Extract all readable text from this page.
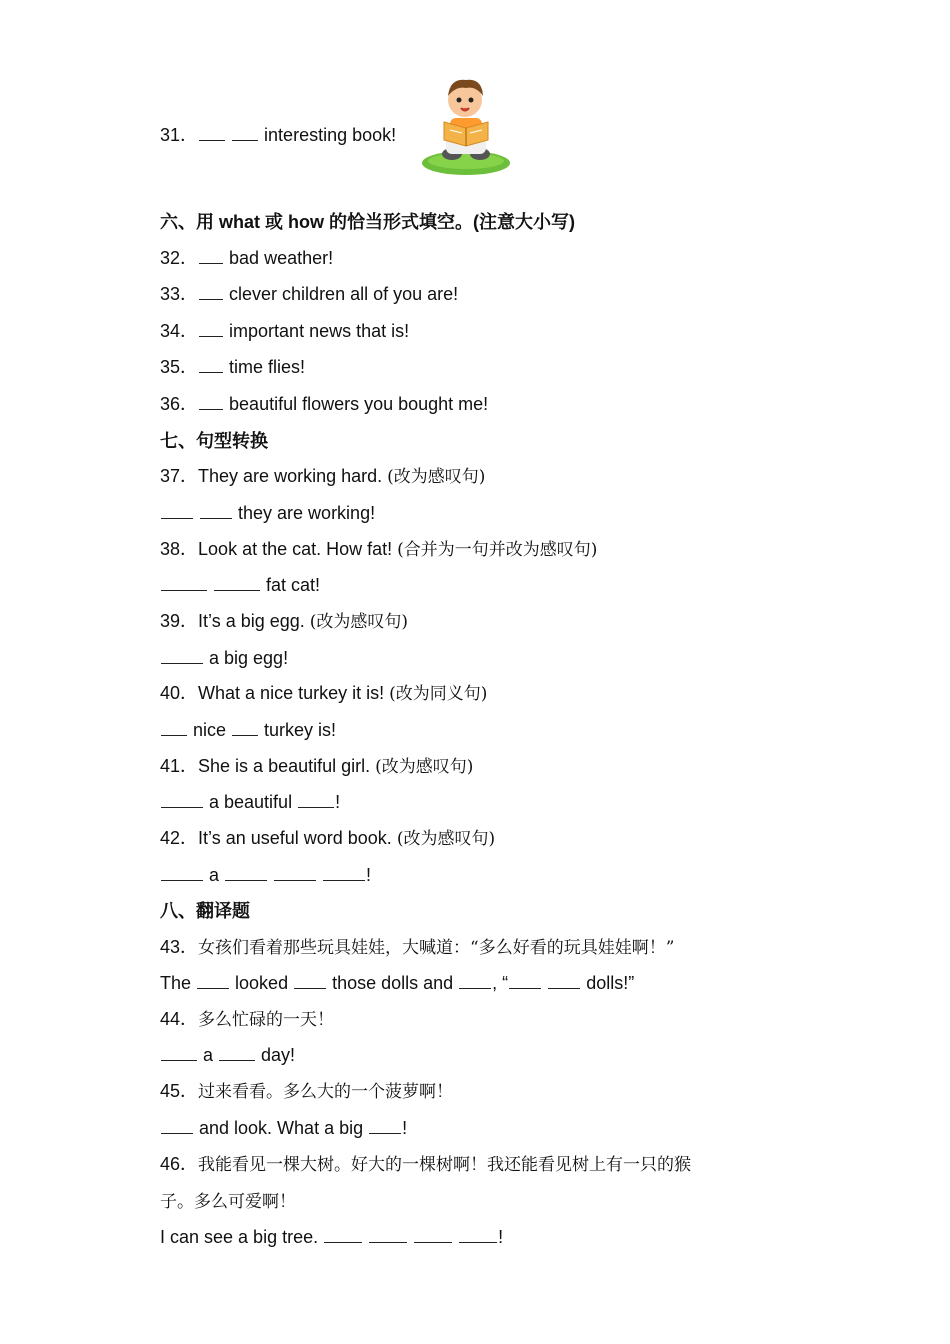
31．	interesting book!
六、用 what 或 how 的恰当形式填空。(注意大小写)
32． bad weather!
33． clever children all of you are!
34． important news that is!
35． time flies!
36． beautiful flowers you bought me!
七、句型转换
37．They are working hard. (改为感叹句)
they are working!
38．Look at the cat. How fat! (合并为一句并改为感叹句)
fat cat!
39．It’s a big egg. (改为感叹句)
a big egg!
40．What a nice turkey it is! (改为同义句)
nice  turkey is!
41．She is a beautiful girl. (改为感叹句)
a beautiful !
42．It’s an useful word book. (改为感叹句)
a	!
八、翻译题
43．女孩们看着那些玩具娃娃，大喊道：“多么好看的玩具娃娃啊！”
The  looked  those dolls and , “	dolls!”
44．多么忙碌的一天！
a  day!
45．过来看看。多么大的一个菠萝啊！
and look. What a big !
46．我能看见一棵大树。好大的一棵树啊！我还能看见树上有一只的猴
子。多么可爱啊！
I can see a big tree.	!
